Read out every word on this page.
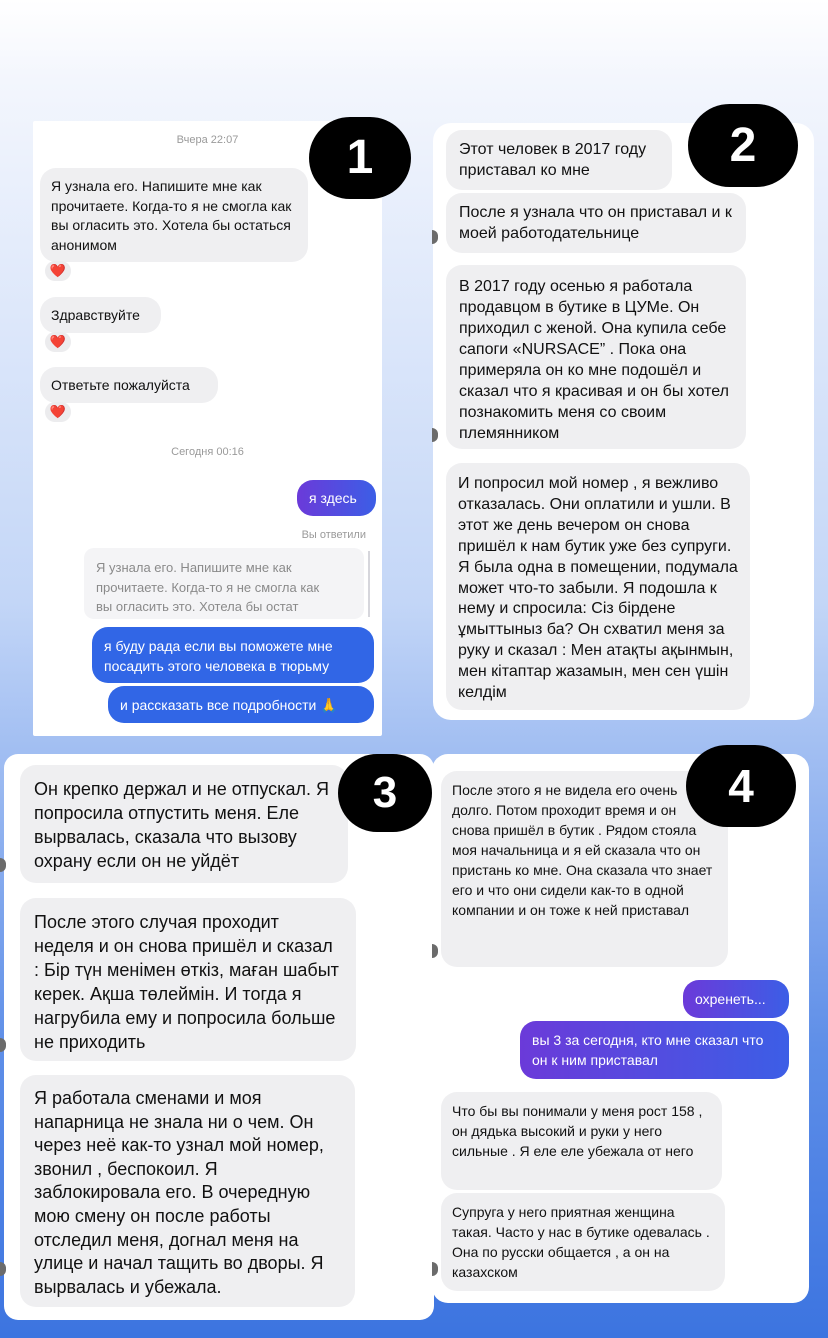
Вчера 22:07
Я узнала его. Напишите мне как прочитаете. Когда-то я не смогла как вы огласить это. Хотела бы остаться анонимом
❤️
Здравствуйте
❤️
Ответьте пожалуйста
❤️
Сегодня 00:16
я здесь
Вы ответили
Я узнала его. Напишите мне как
прочитаете. Когда-то я не смогла как
вы огласить это. Хотела бы остат
я буду рада если вы поможете мне посадить этого человека в тюрьму
и рассказать все подробности 🙏
Этот человек в 2017 году приставал ко мне
После я узнала что он приставал и к моей работодательнице
В 2017 году осенью я работала продавцом в бутике в ЦУМе. Он приходил с женой. Она купила себе сапоги «NURSACE” . Пока она примеряла он ко мне подошёл и сказал что я красивая и он бы хотел познакомить меня со своим племянником
И попросил мой номер , я вежливо отказалась. Они оплатили и ушли. В этот же день вечером он снова пришёл к нам бутик уже без супруги. Я была одна в помещении, подумала может что-то забыли. Я подошла к нему и спросила: Сіз бірдене ұмыттыныз ба? Он схватил меня за руку и сказал : Мен атақты ақынмын, мен кітаптар жазамын, мен сен үшін келдім
Он крепко держал и не отпускал. Я попросила отпустить меня. Еле вырвалась, сказала что вызову охрану если он не уйдёт
После этого случая проходит неделя и он снова пришёл и сказал : Бір түн менімен өткіз, маған шабыт керек. Ақша төлеймін. И тогда я нагрубила ему и попросила больше не приходить
Я работала сменами и моя напарница не знала ни о чем. Он через неё как-то узнал мой номер, звонил , беспокоил. Я заблокировала его. В очередную мою смену он после работы отследил меня, догнал меня на улице и начал тащить во дворы. Я вырвалась и убежала.
После этого я не видела его очень долго. Потом проходит время и он снова пришёл в бутик . Рядом стояла моя начальница и я ей сказала что он пристань ко мне. Она сказала что знает его и что они сидели как-то в одной компании и он тоже к ней приставал
охренеть...
вы 3 за сегодня, кто мне сказал что он к ним приставал
Что бы вы понимали у меня рост 158 , он дядька высокий и руки у него сильные . Я еле еле убежала от него
Супруга у него приятная женщина такая. Часто у нас в бутике одевалась . Она по русски общается , а он на казахском
1	2
3	4
